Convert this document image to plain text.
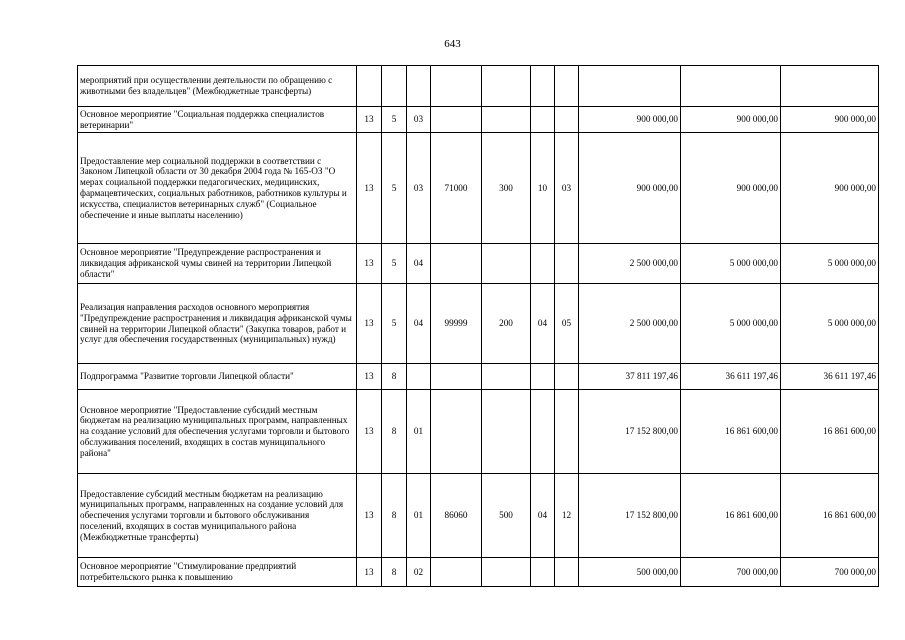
643
мероприятий при осуществлении деятельности по обращению с животными без владельцев" (Межбюджетные трансферты)										
Основное мероприятие "Социальная поддержка специалистов ветеринарии"	13	5	03					900 000,00	900 000,00	900 000,00
Предоставление мер социальной поддержки в соответствии с Законом Липецкой области от 30 декабря 2004 года № 165-ОЗ "О мерах социальной поддержки педагогических, медицинских, фармацевтических, социальных работников, работников культуры и искусства, специалистов ветеринарных служб" (Социальное обеспечение и иные выплаты населению)	13	5	03	71000	300	10	03	900 000,00	900 000,00	900 000,00
Основное мероприятие "Предупреждение распространения и ликвидация африканской чумы свиней на территории Липецкой области"	13	5	04					2 500 000,00	5 000 000,00	5 000 000,00
Реализация направления расходов основного мероприятия "Предупреждение распространения и ликвидация африканской чумы свиней на территории Липецкой области" (Закупка товаров, работ и услуг для обеспечения государственных (муниципальных) нужд)	13	5	04	99999	200	04	05	2 500 000,00	5 000 000,00	5 000 000,00
Подпрограмма "Развитие торговли Липецкой области"	13	8						37 811 197,46	36 611 197,46	36 611 197,46
Основное мероприятие "Предоставление субсидий местным бюджетам на реализацию муниципальных программ, направленных на создание условий для обеспечения услугами торговли и бытового обслуживания поселений, входящих в состав муниципального района"	13	8	01					17 152 800,00	16 861 600,00	16 861 600,00
Предоставление субсидий местным бюджетам на реализацию муниципальных программ, направленных на создание условий для обеспечения услугами торговли и бытового обслуживания поселений, входящих в состав муниципального района (Межбюджетные трансферты)	13	8	01	86060	500	04	12	17 152 800,00	16 861 600,00	16 861 600,00
Основное мероприятие "Стимулирование предприятий потребительского рынка к повышению	13	8	02					500 000,00	700 000,00	700 000,00
